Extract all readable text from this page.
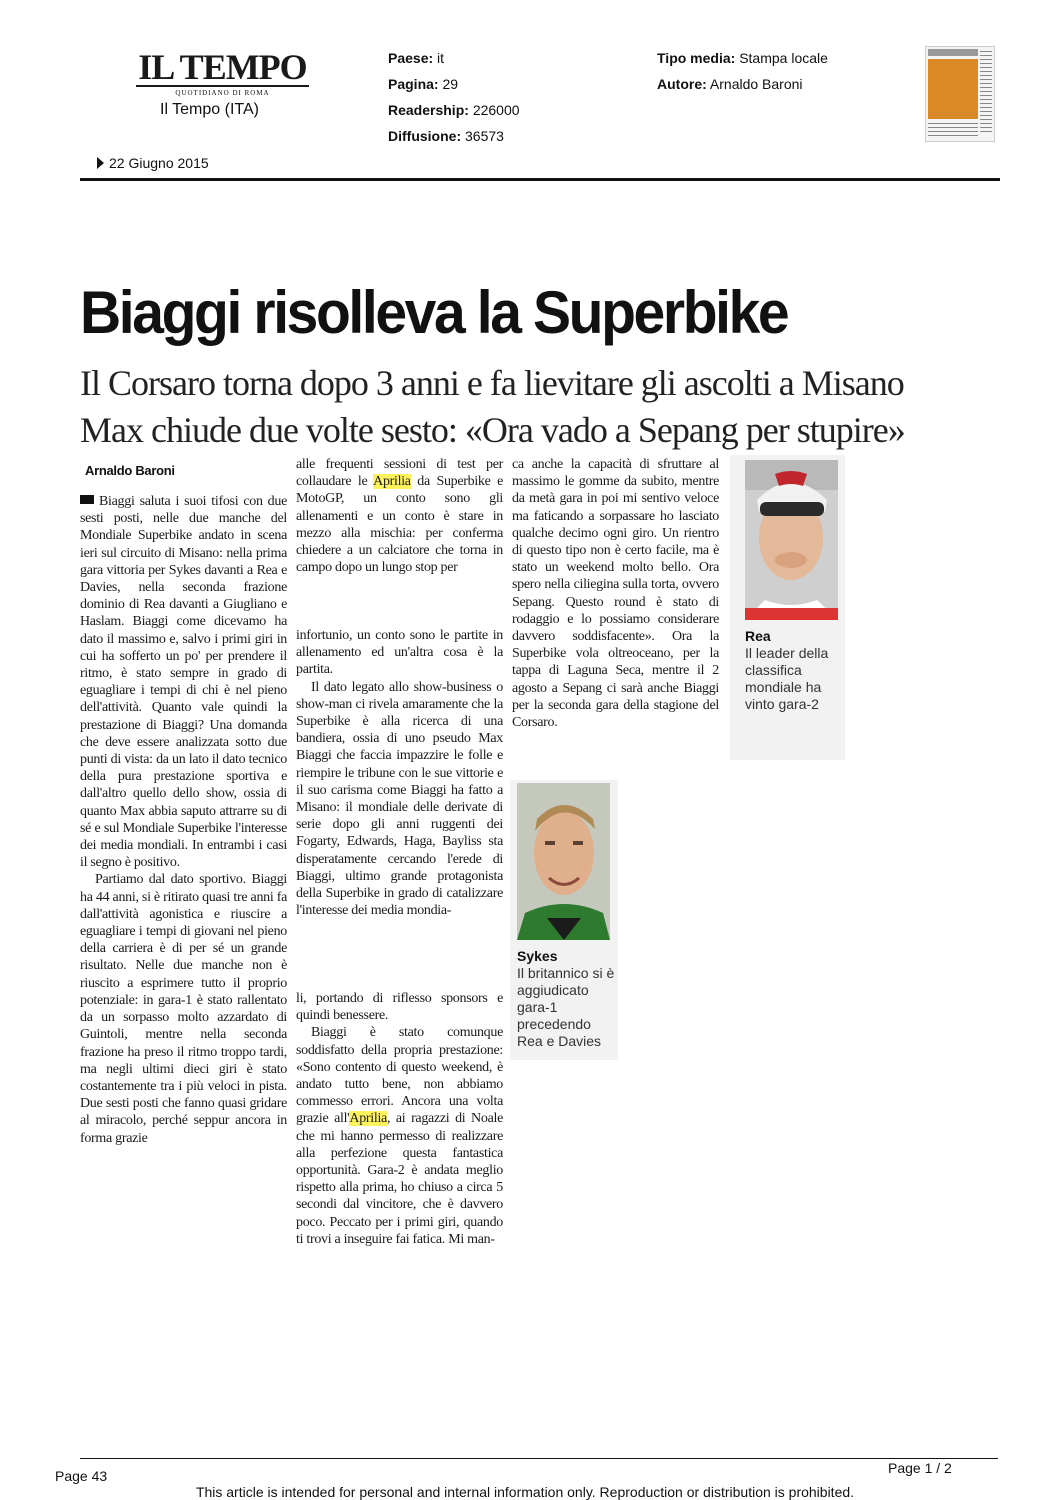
IL TEMPO
QUOTIDIANO DI ROMA
Il Tempo (ITA)
Paese: it
Pagina: 29
Readership: 226000
Diffusione: 36573
Tipo media: Stampa locale
Autore: Arnaldo Baroni
22 Giugno 2015
Biaggi risolleva la Superbike
Il Corsaro torna dopo 3 anni e fa lievitare gli ascolti a Misano
Max chiude due volte sesto: «Ora vado a Sepang per stupire»
Arnaldo Baroni

Biaggi saluta i suoi tifosi con due sesti posti, nelle due manche del Mondiale Superbike andato in scena ieri sul circuito di Misano: nella prima gara vittoria per Sykes davanti a Rea e Davies, nella seconda frazione dominio di Rea davanti a Giugliano e Haslam. Biaggi come dicevamo ha dato il massimo e, salvo i primi giri in cui ha sofferto un po' per prendere il ritmo, è stato sempre in grado di eguagliare i tempi di chi è nel pieno dell'attività. Quanto vale quindi la prestazione di Biaggi? Una domanda che deve essere analizzata sotto due punti di vista: da un lato il dato tecnico della pura prestazione sportiva e dall'altro quello dello show, ossia di quanto Max abbia saputo attrarre su di sé e sul Mondiale Superbike l'interesse dei media mondiali. In entrambi i casi il segno è positivo.

Partiamo dal dato sportivo. Biaggi ha 44 anni, si è ritirato quasi tre anni fa dall'attività agonistica e riuscire a eguagliare i tempi di giovani nel pieno della carriera è di per sé un grande risultato. Nelle due manche non è riuscito a esprimere tutto il proprio potenziale: in gara-1 è stato rallentato da un sorpasso molto azzardato di Guintoli, mentre nella seconda frazione ha preso il ritmo troppo tardi, ma negli ultimi dieci giri è stato costantemente tra i più veloci in pista. Due sesti posti che fanno quasi gridare al miracolo, perché seppur ancora in forma grazie

alle frequenti sessioni di test per collaudare le Aprilia da Superbike e MotoGP, un conto sono gli allenamenti e un conto è stare in mezzo alla mischia: per conferma chiedere a un calciatore che torna in campo dopo un lungo stop per

infortunio, un conto sono le partite in allenamento ed un'altra cosa è la partita.

Il dato legato allo show-business o show-man ci rivela amaramente che la Superbike è alla ricerca di una bandiera, ossia di uno pseudo Max Biaggi che faccia impazzire le folle e riempire le tribune con le sue vittorie e il suo carisma come Biaggi ha fatto a Misano: il mondiale delle derivate di serie dopo gli anni ruggenti dei Fogarty, Edwards, Haga, Bayliss sta disperatamente cercando l'erede di Biaggi, ultimo grande protagonista della Superbike in grado di catalizzare l'interesse dei media mondia-

li, portando di riflesso sponsors e quindi benessere.

Biaggi è stato comunque soddisfatto della propria prestazione: «Sono contento di questo weekend, è andato tutto bene, non abbiamo commesso errori. Ancora una volta grazie all'Aprilia, ai ragazzi di Noale che mi hanno permesso di realizzare alla perfezione questa fantastica opportunità. Gara-2 è andata meglio rispetto alla prima, ho chiuso a circa 5 secondi dal vincitore, che è davvero poco. Peccato per i primi giri, quando ti trovi a inseguire fai fatica. Mi man-

ca anche la capacità di sfruttare al massimo le gomme da subito, mentre da metà gara in poi mi sentivo veloce ma faticando a sorpassare ho lasciato qualche decimo ogni giro. Un rientro di questo tipo non è certo facile, ma è stato un weekend molto bello. Ora spero nella ciliegina sulla torta, ovvero Sepang. Questo round è stato di rodaggio e lo possiamo considerare davvero soddisfacente». Ora la Superbike vola oltreoceano, per la tappa di Laguna Seca, mentre il 2 agosto a Sepang ci sarà anche Biaggi per la seconda gara della stagione del Corsaro.

Rea
Il leader della classifica mondiale ha vinto gara-2
Sykes
Il britannico si è aggiudicato gara-1 precedendo Rea e Davies
Page 43	Page 1 / 2
This article is intended for personal and internal information only. Reproduction or distribution is prohibited.
